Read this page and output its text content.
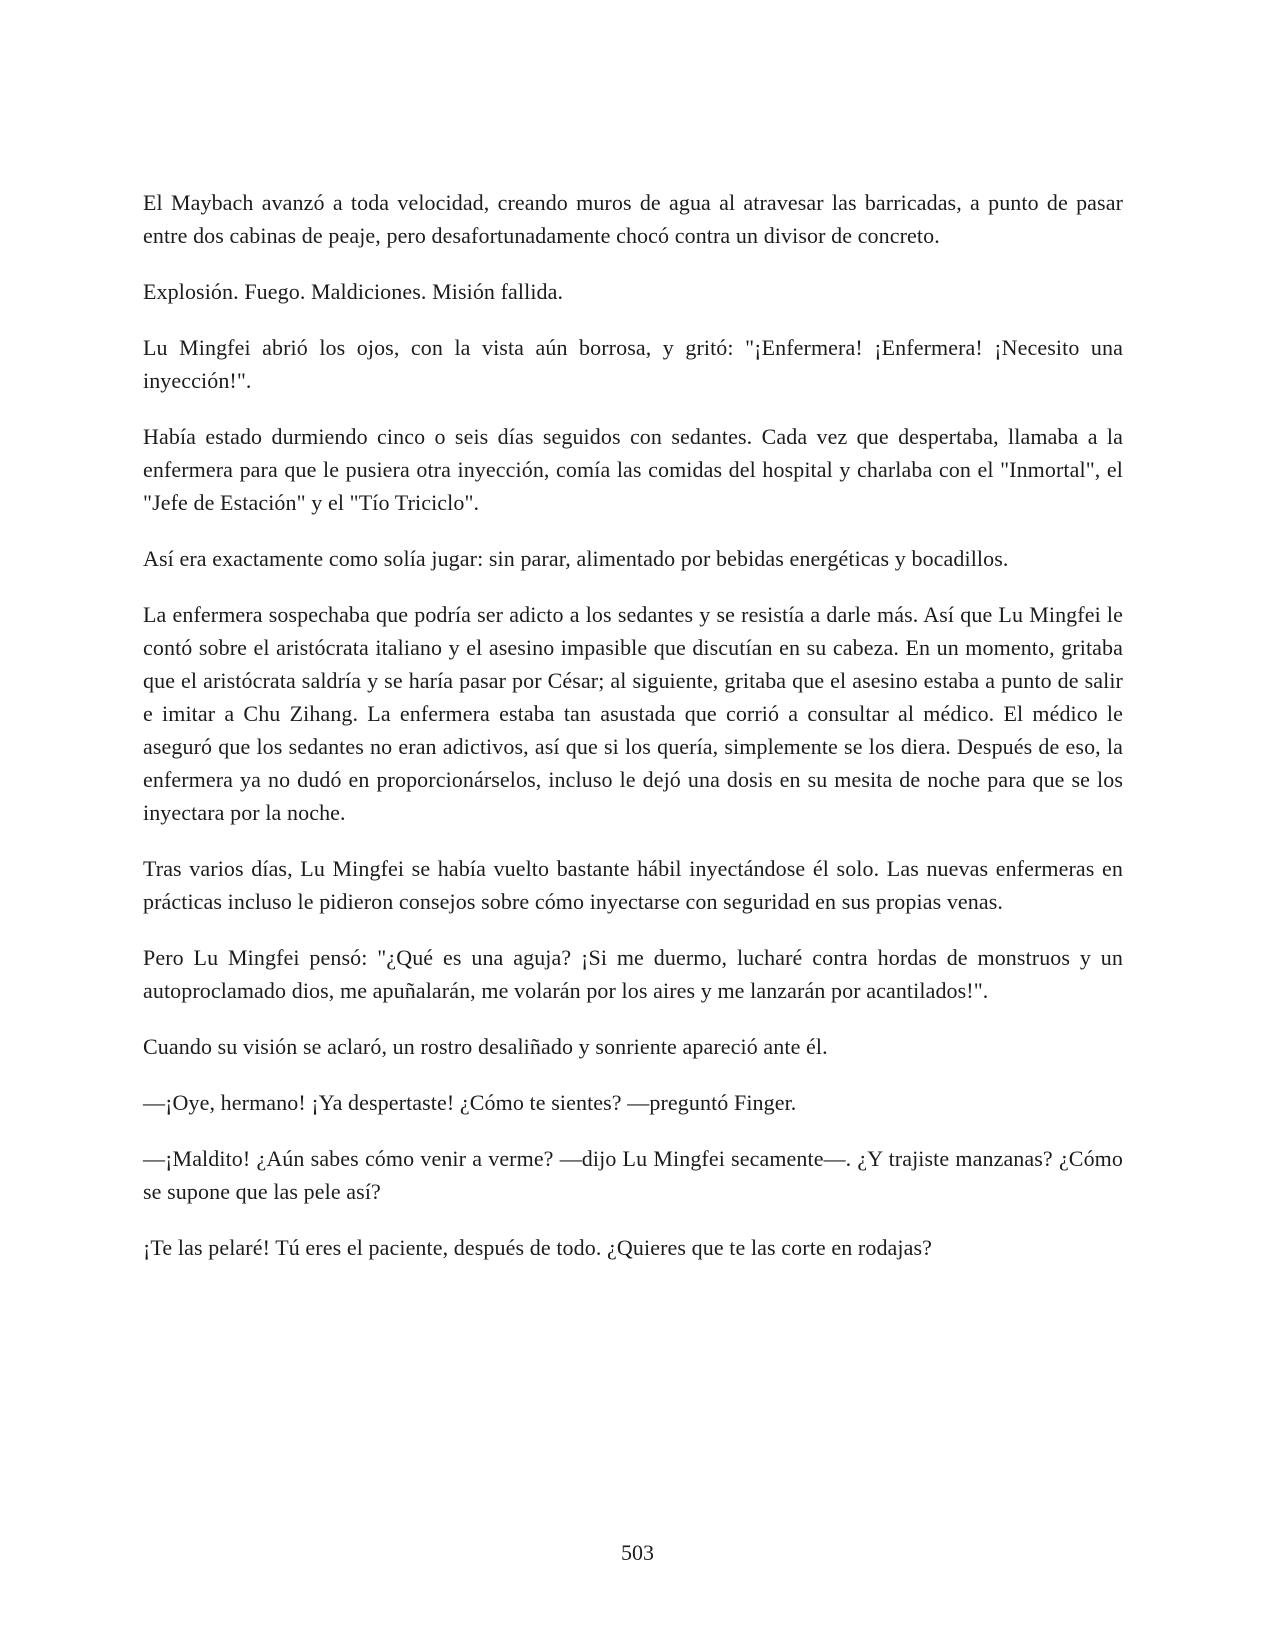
El Maybach avanzó a toda velocidad, creando muros de agua al atravesar las barricadas, a punto de pasar entre dos cabinas de peaje, pero desafortunadamente chocó contra un divisor de concreto.

Explosión. Fuego. Maldiciones. Misión fallida.

Lu Mingfei abrió los ojos, con la vista aún borrosa, y gritó: "¡Enfermera! ¡Enfermera! ¡Necesito una inyección!".

Había estado durmiendo cinco o seis días seguidos con sedantes. Cada vez que despertaba, llamaba a la enfermera para que le pusiera otra inyección, comía las comidas del hospital y charlaba con el "Inmortal", el "Jefe de Estación" y el "Tío Triciclo".

Así era exactamente como solía jugar: sin parar, alimentado por bebidas energéticas y bocadillos.

La enfermera sospechaba que podría ser adicto a los sedantes y se resistía a darle más. Así que Lu Mingfei le contó sobre el aristócrata italiano y el asesino impasible que discutían en su cabeza. En un momento, gritaba que el aristócrata saldría y se haría pasar por César; al siguiente, gritaba que el asesino estaba a punto de salir e imitar a Chu Zihang. La enfermera estaba tan asustada que corrió a consultar al médico. El médico le aseguró que los sedantes no eran adictivos, así que si los quería, simplemente se los diera. Después de eso, la enfermera ya no dudó en proporcionárselos, incluso le dejó una dosis en su mesita de noche para que se los inyectara por la noche.

Tras varios días, Lu Mingfei se había vuelto bastante hábil inyectándose él solo. Las nuevas enfermeras en prácticas incluso le pidieron consejos sobre cómo inyectarse con seguridad en sus propias venas.

Pero Lu Mingfei pensó: "¿Qué es una aguja? ¡Si me duermo, lucharé contra hordas de monstruos y un autoproclamado dios, me apuñalarán, me volarán por los aires y me lanzarán por acantilados!".

Cuando su visión se aclaró, un rostro desaliñado y sonriente apareció ante él.

—¡Oye, hermano! ¡Ya despertaste! ¿Cómo te sientes? —preguntó Finger.

—¡Maldito! ¿Aún sabes cómo venir a verme? —dijo Lu Mingfei secamente—. ¿Y trajiste manzanas? ¿Cómo se supone que las pele así?

¡Te las pelaré! Tú eres el paciente, después de todo. ¿Quieres que te las corte en rodajas?

503
